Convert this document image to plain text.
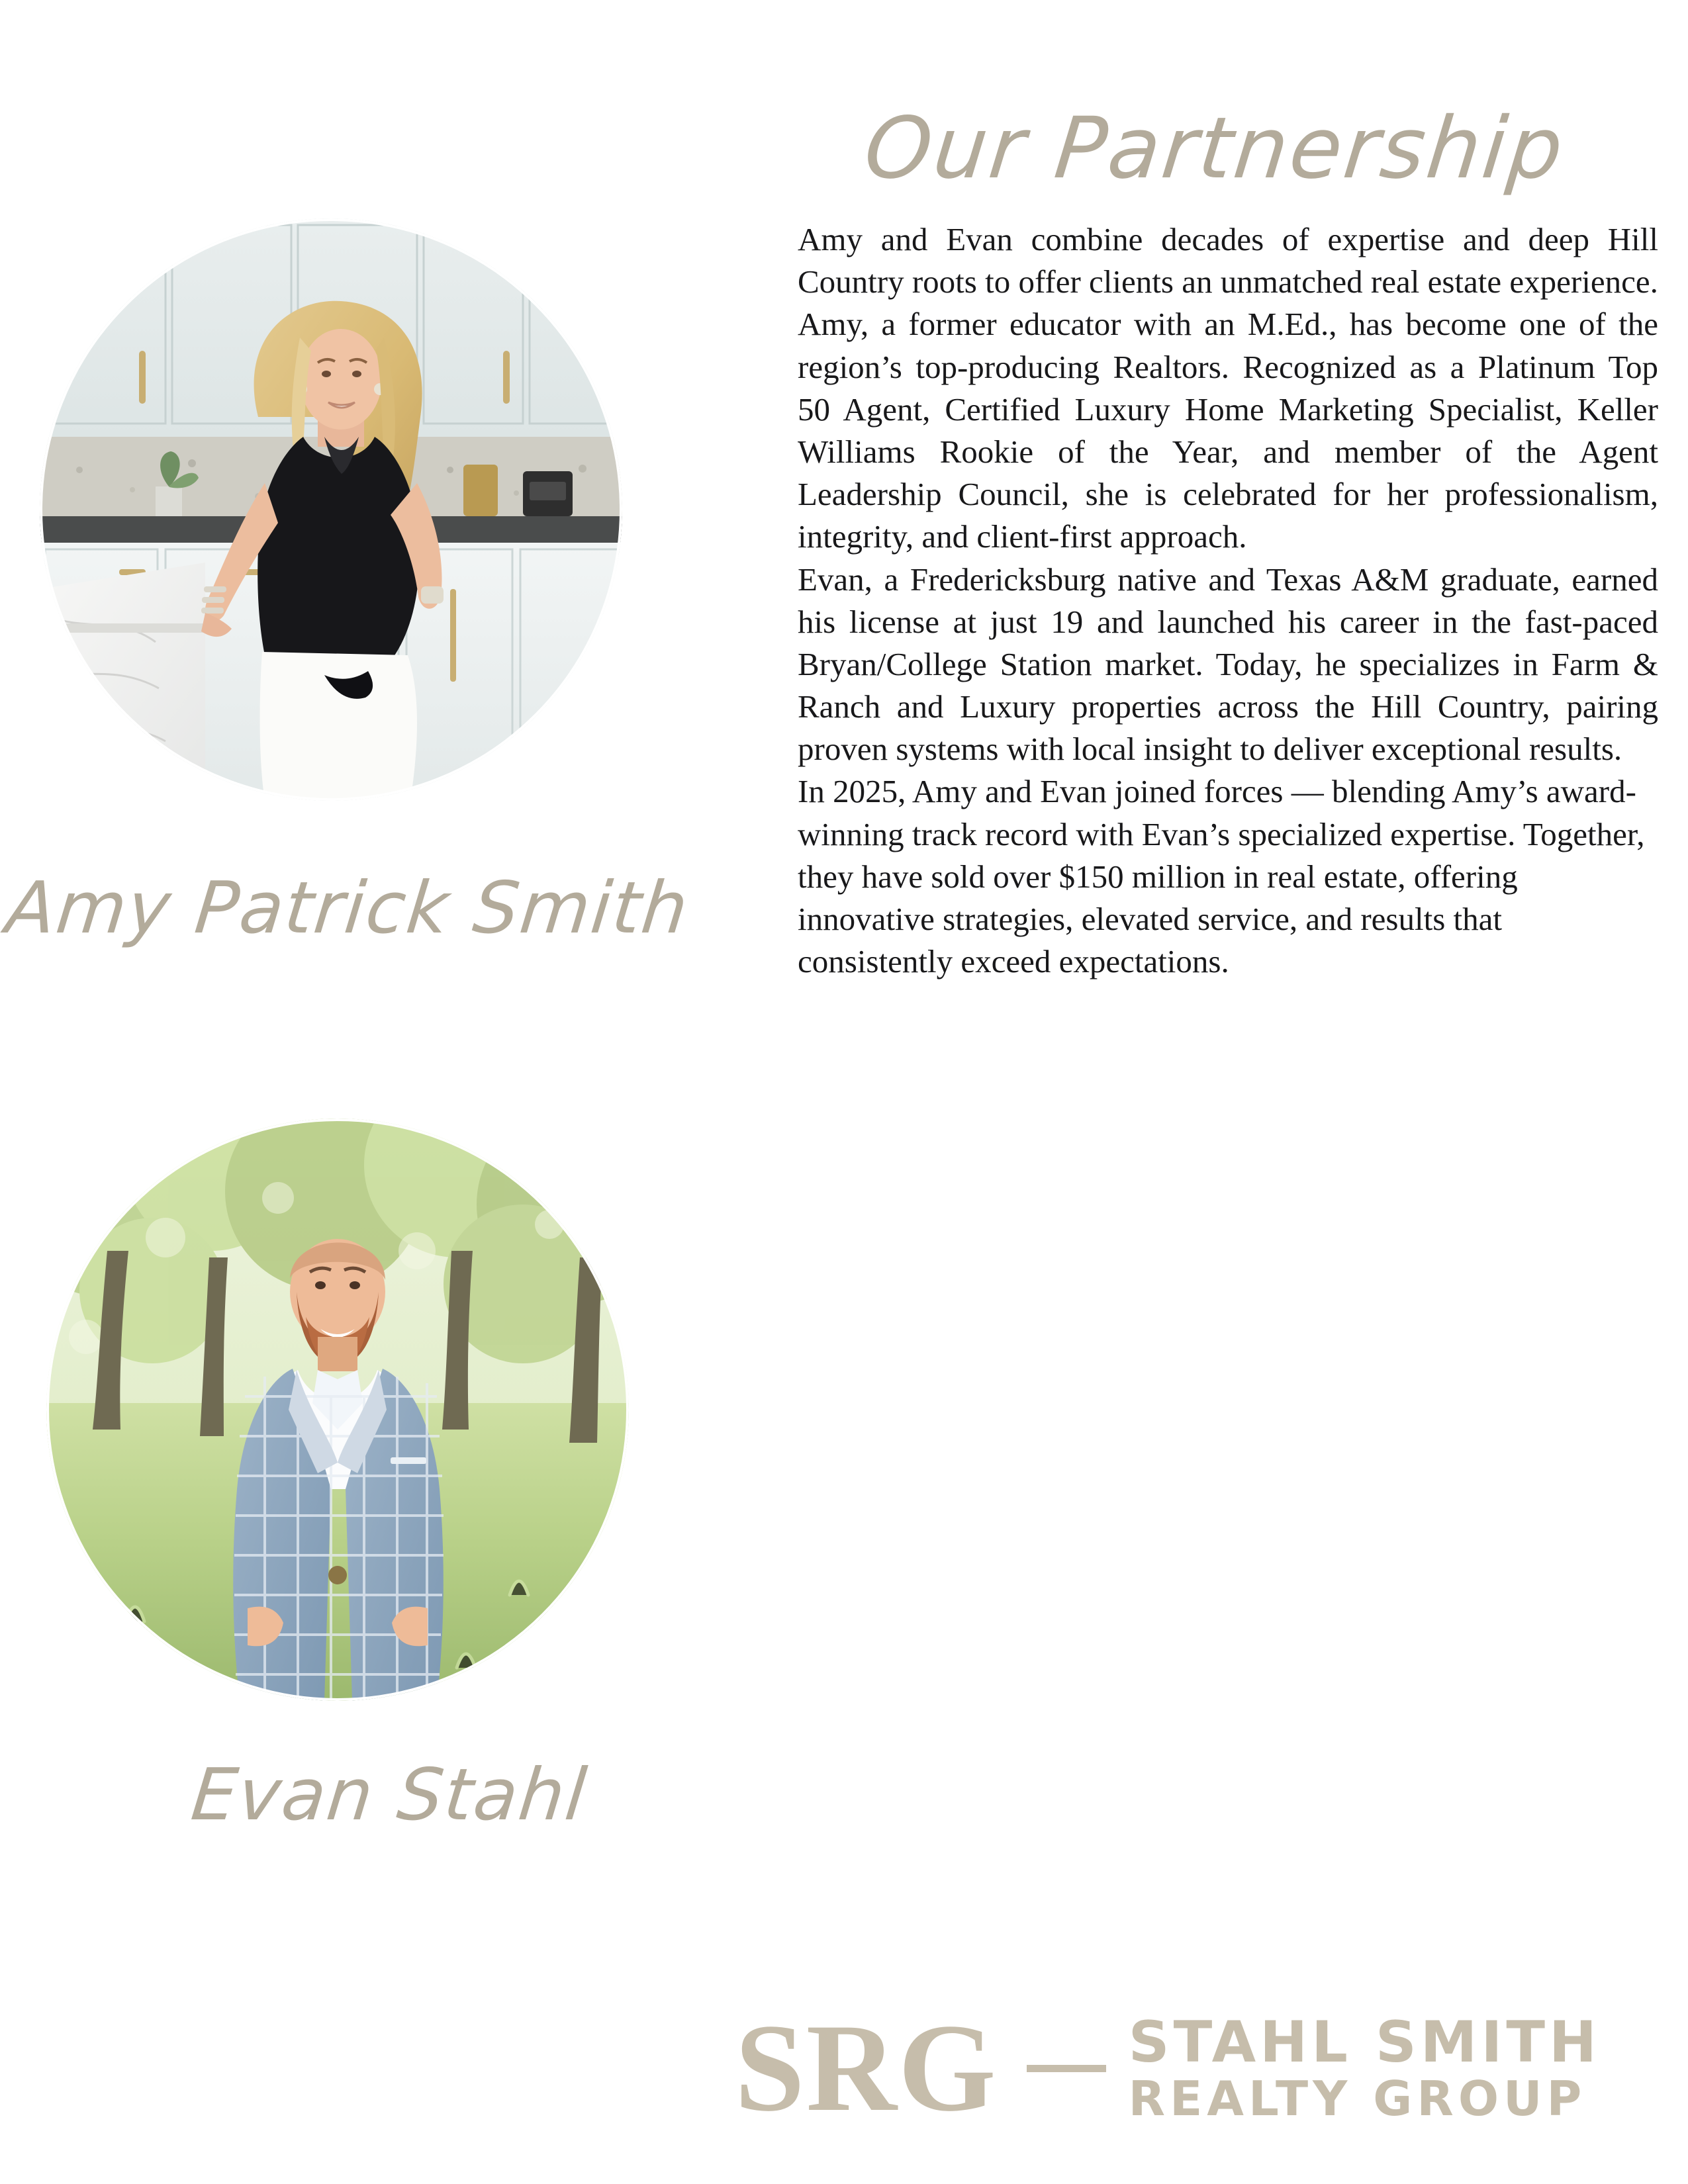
Amy Patrick Smith
Evan Stahl
Our Partnership

Amy and Evan combine decades of expertise and deep Hill Country roots to offer clients an unmatched real estate experience.

Amy, a former educator with an M.Ed., has become one of the region’s top-producing Realtors. Recognized as a Platinum Top 50 Agent, Certified Luxury Home Marketing Specialist, Keller Williams Rookie of the Year, and member of the Agent Leadership Council, she is celebrated for her professionalism, integrity, and client-first approach.

Evan, a Fredericksburg native and Texas A&M graduate, earned his license at just 19 and launched his career in the fast-paced Bryan/College Station market. Today, he specializes in Farm & Ranch and Luxury properties across the Hill Country, pairing proven systems with local insight to deliver exceptional results.

In 2025, Amy and Evan joined forces — blending Amy’s award-winning track record with Evan’s specialized expertise. Together, they have sold over $150 million in real estate, offering innovative strategies, elevated service, and results that consistently exceed expectations.

SRG STAHL SMITH
REALTY GROUP
